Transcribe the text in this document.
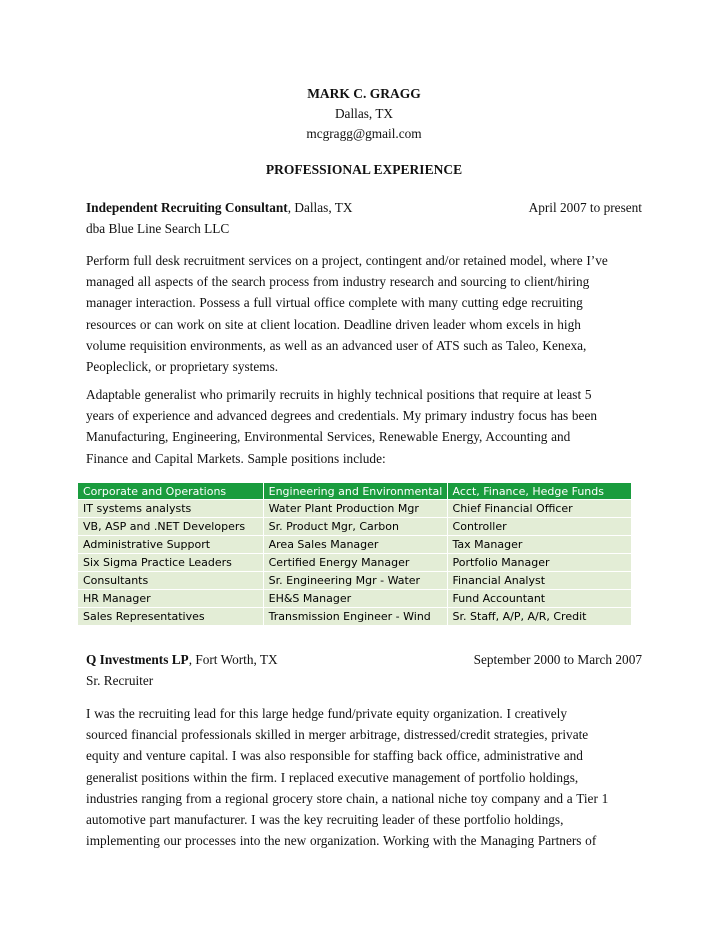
MARK C. GRAGG
Dallas, TX
mcgragg@gmail.com
PROFESSIONAL EXPERIENCE
Independent Recruiting Consultant, Dallas, TX	April 2007 to present
dba Blue Line Search LLC
Perform full desk recruitment services on a project, contingent and/or retained model, where I’ve
managed all aspects of the search process from industry research and sourcing to client/hiring
manager interaction. Possess a full virtual office complete with many cutting edge recruiting
resources or can work on site at client location. Deadline driven leader whom excels in high
volume requisition environments, as well as an advanced user of ATS such as Taleo, Kenexa,
Peopleclick, or proprietary systems.
Adaptable generalist who primarily recruits in highly technical positions that require at least 5
years of experience and advanced degrees and credentials. My primary industry focus has been
Manufacturing, Engineering, Environmental Services, Renewable Energy, Accounting and
Finance and Capital Markets. Sample positions include:
Corporate and Operations	Engineering and Environmental	Acct, Finance, Hedge Funds
IT systems analysts	Water Plant Production Mgr	Chief Financial Officer
VB, ASP and .NET Developers	Sr. Product Mgr, Carbon	Controller
Administrative Support	Area Sales Manager	Tax Manager
Six Sigma Practice Leaders	Certified Energy Manager	Portfolio Manager
Consultants	Sr. Engineering Mgr - Water	Financial Analyst
HR Manager	EH&S Manager	Fund Accountant
Sales Representatives	Transmission Engineer - Wind	Sr. Staff, A/P, A/R, Credit
Q Investments LP, Fort Worth, TX	September 2000 to March 2007
Sr. Recruiter
I was the recruiting lead for this large hedge fund/private equity organization. I creatively
sourced financial professionals skilled in merger arbitrage, distressed/credit strategies, private
equity and venture capital. I was also responsible for staffing back office, administrative and
generalist positions within the firm. I replaced executive management of portfolio holdings,
industries ranging from a regional grocery store chain, a national niche toy company and a Tier 1
automotive part manufacturer. I was the key recruiting leader of these portfolio holdings,
implementing our processes into the new organization. Working with the Managing Partners of
